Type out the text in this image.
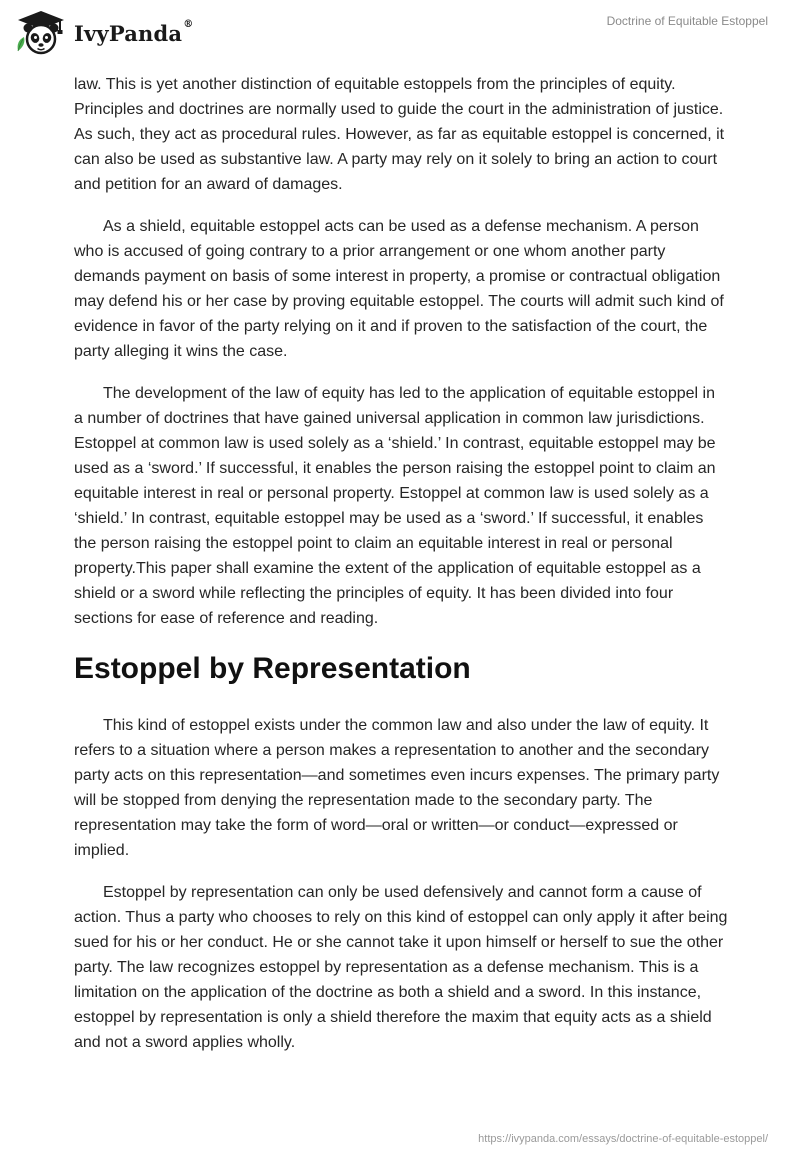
IvyPanda®	Doctrine of Equitable Estoppel

law. This is yet another distinction of equitable estoppels from the principles of equity. Principles and doctrines are normally used to guide the court in the administration of justice. As such, they act as procedural rules. However, as far as equitable estoppel is concerned, it can also be used as substantive law. A party may rely on it solely to bring an action to court and petition for an award of damages.

As a shield, equitable estoppel acts can be used as a defense mechanism. A person who is accused of going contrary to a prior arrangement or one whom another party demands payment on basis of some interest in property, a promise or contractual obligation may defend his or her case by proving equitable estoppel. The courts will admit such kind of evidence in favor of the party relying on it and if proven to the satisfaction of the court, the party alleging it wins the case.

The development of the law of equity has led to the application of equitable estoppel in a number of doctrines that have gained universal application in common law jurisdictions. Estoppel at common law is used solely as a ‘shield.’ In contrast, equitable estoppel may be used as a ‘sword.’ If successful, it enables the person raising the estoppel point to claim an equitable interest in real or personal property. Estoppel at common law is used solely as a ‘shield.’ In contrast, equitable estoppel may be used as a ‘sword.’ If successful, it enables the person raising the estoppel point to claim an equitable interest in real or personal property.This paper shall examine the extent of the application of equitable estoppel as a shield or a sword while reflecting the principles of equity. It has been divided into four sections for ease of reference and reading.

Estoppel by Representation

This kind of estoppel exists under the common law and also under the law of equity. It refers to a situation where a person makes a representation to another and the secondary party acts on this representation—and sometimes even incurs expenses. The primary party will be stopped from denying the representation made to the secondary party. The representation may take the form of word—oral or written—or conduct—expressed or implied.

Estoppel by representation can only be used defensively and cannot form a cause of action. Thus a party who chooses to rely on this kind of estoppel can only apply it after being sued for his or her conduct. He or she cannot take it upon himself or herself to sue the other party. The law recognizes estoppel by representation as a defense mechanism. This is a limitation on the application of the doctrine as both a shield and a sword. In this instance, estoppel by representation is only a shield therefore the maxim that equity acts as a shield and not a sword applies wholly.

https://ivypanda.com/essays/doctrine-of-equitable-estoppel/
